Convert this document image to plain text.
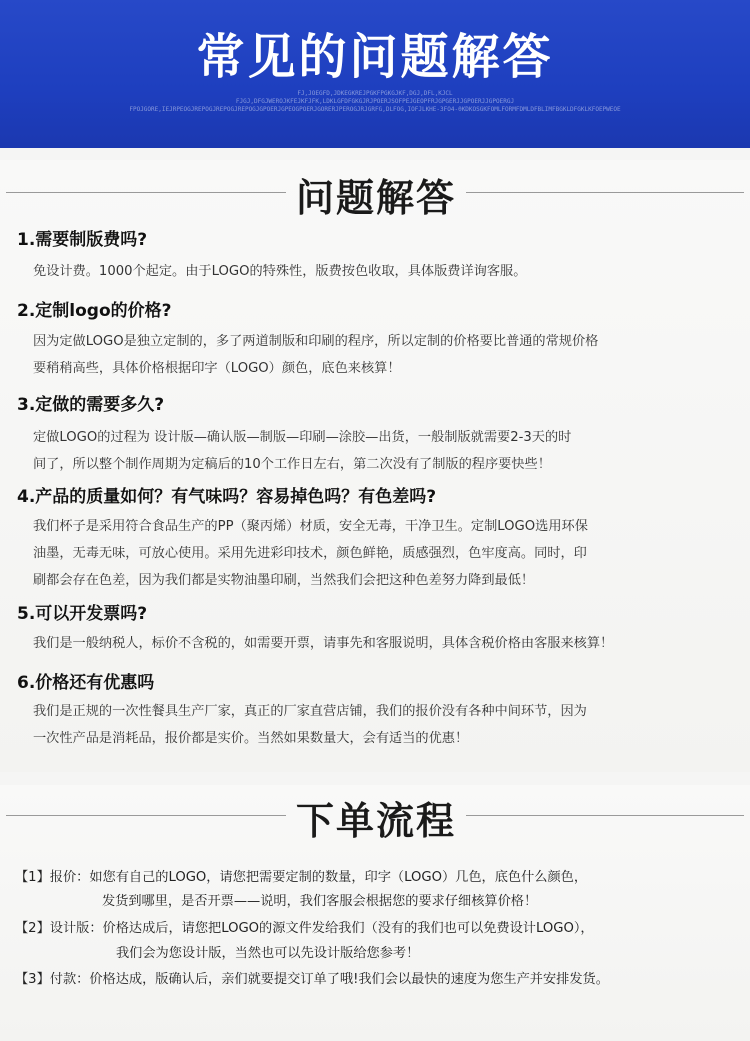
常见的问题解答
FJ,JOEGFD,JDKEGKREJPGKFPGKGJKF,DGJ,DFL,KJCL
FJGJ,DFGJWEROJKFEJKFJFK,LDKLGFDFGKGJRJPOERJSOFPEJGEOPFRJGPGERJJGPOERJJGPOERGJ
FPOJGORE,IEJRPEOGJREPOGJREPOGJREPOGJGPOERJGPEOGPOERJGORERJPEROGJRJGRFG,DLFOG,IOFJLKHE-3FO4-0KDKOSGKFOMLFORMFDMLDFBLIMFBGKLDFGKLKFOEPWEOE
问题解答
1.需要制版费吗?
免设计费。1000个起定。由于LOGO的特殊性，版费按色收取，具体版费详询客服。
2.定制logo的价格?
因为定做LOGO是独立定制的，多了两道制版和印刷的程序，所以定制的价格要比普通的常规价格
要稍稍高些，具体价格根据印字（LOGO）颜色，底色来核算！
3.定做的需要多久?
定做LOGO的过程为 设计版—确认版—制版—印刷—涂胶—出货，一般制版就需要2-3天的时
间了，所以整个制作周期为定稿后的10个工作日左右，第二次没有了制版的程序要快些！
4.产品的质量如何？有气味吗？容易掉色吗？有色差吗?
我们杯子是采用符合食品生产的PP（聚丙烯）材质，安全无毒，干净卫生。定制LOGO选用环保
油墨，无毒无味，可放心使用。采用先进彩印技术，颜色鲜艳，质感强烈，色牢度高。同时，印
刷都会存在色差，因为我们都是实物油墨印刷，当然我们会把这种色差努力降到最低！
5.可以开发票吗?
我们是一般纳税人，标价不含税的，如需要开票，请事先和客服说明，具体含税价格由客服来核算！
6.价格还有优惠吗
我们是正规的一次性餐具生产厂家，真正的厂家直营店铺，我们的报价没有各种中间环节，因为
一次性产品是消耗品，报价都是实价。当然如果数量大，会有适当的优惠！
下单流程
【1】报价：如您有自己的LOGO，请您把需要定制的数量，印字（LOGO）几色，底色什么颜色，
发货到哪里，是否开票——说明，我们客服会根据您的要求仔细核算价格！
【2】设计版：价格达成后，请您把LOGO的源文件发给我们（没有的我们也可以免费设计LOGO），
我们会为您设计版，当然也可以先设计版给您参考！
【3】付款：价格达成，版确认后，亲们就要提交订单了哦!我们会以最快的速度为您生产并安排发货。
